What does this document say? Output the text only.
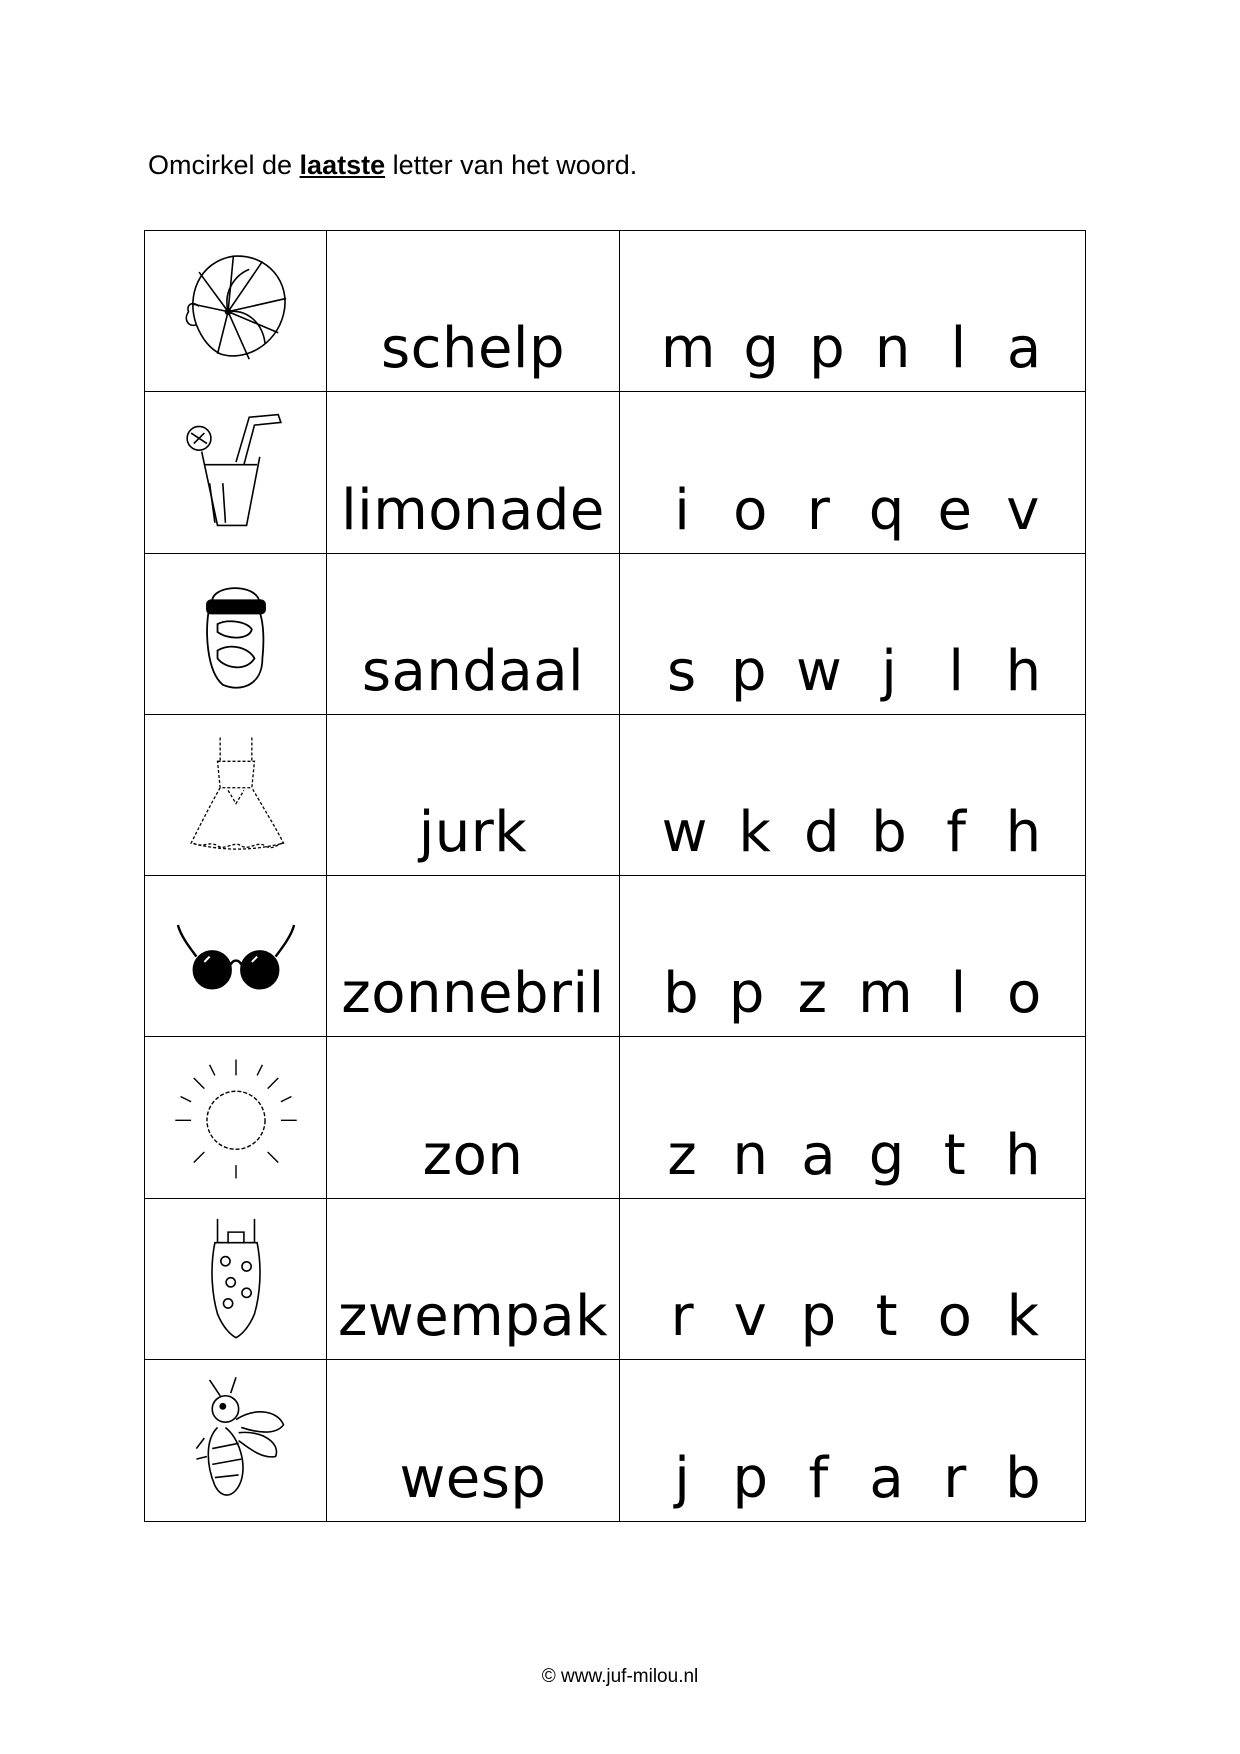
Omcirkel de laatste letter van het woord.
schelp m g p n l a
limonade i o r q e v
sandaal s p w j l h
jurk w k d b f h
zonnebril b p z m l o
zon	z n a g t h
zwempak r v p t o k
wesp j p f a r b
© www.juf-milou.nl
